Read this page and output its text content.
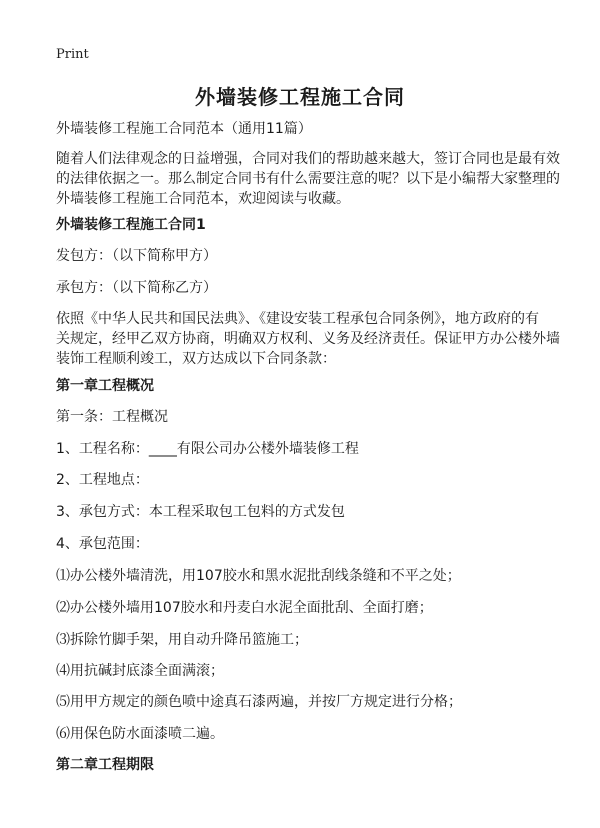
Print
外墙装修工程施工合同
外墙装修工程施工合同范本（通用11篇）
随着人们法律观念的日益增强，合同对我们的帮助越来越大，签订合同也是最有效
的法律依据之一。那么制定合同书有什么需要注意的呢？以下是小编帮大家整理的
外墙装修工程施工合同范本，欢迎阅读与收藏。
外墙装修工程施工合同1
发包方：（以下简称甲方）
承包方：（以下简称乙方）
依照《中华人民共和国民法典》、《建设安装工程承包合同条例》，地方政府的有
关规定，经甲乙双方协商，明确双方权利、义务及经济责任。保证甲方办公楼外墙
装饰工程顺利竣工，双方达成以下合同条款：
第一章工程概况
第一条：工程概况
1、工程名称：____有限公司办公楼外墙装修工程
2、工程地点：
3、承包方式：本工程采取包工包料的方式发包
4、承包范围：
⑴办公楼外墙清洗，用107胶水和黑水泥批刮线条缝和不平之处；
⑵办公楼外墙用107胶水和丹麦白水泥全面批刮、全面打磨；
⑶拆除竹脚手架，用自动升降吊篮施工；
⑷用抗碱封底漆全面满滚；
⑸用甲方规定的颜色喷中途真石漆两遍，并按厂方规定进行分格；
⑹用保色防水面漆喷二遍。
第二章工程期限
